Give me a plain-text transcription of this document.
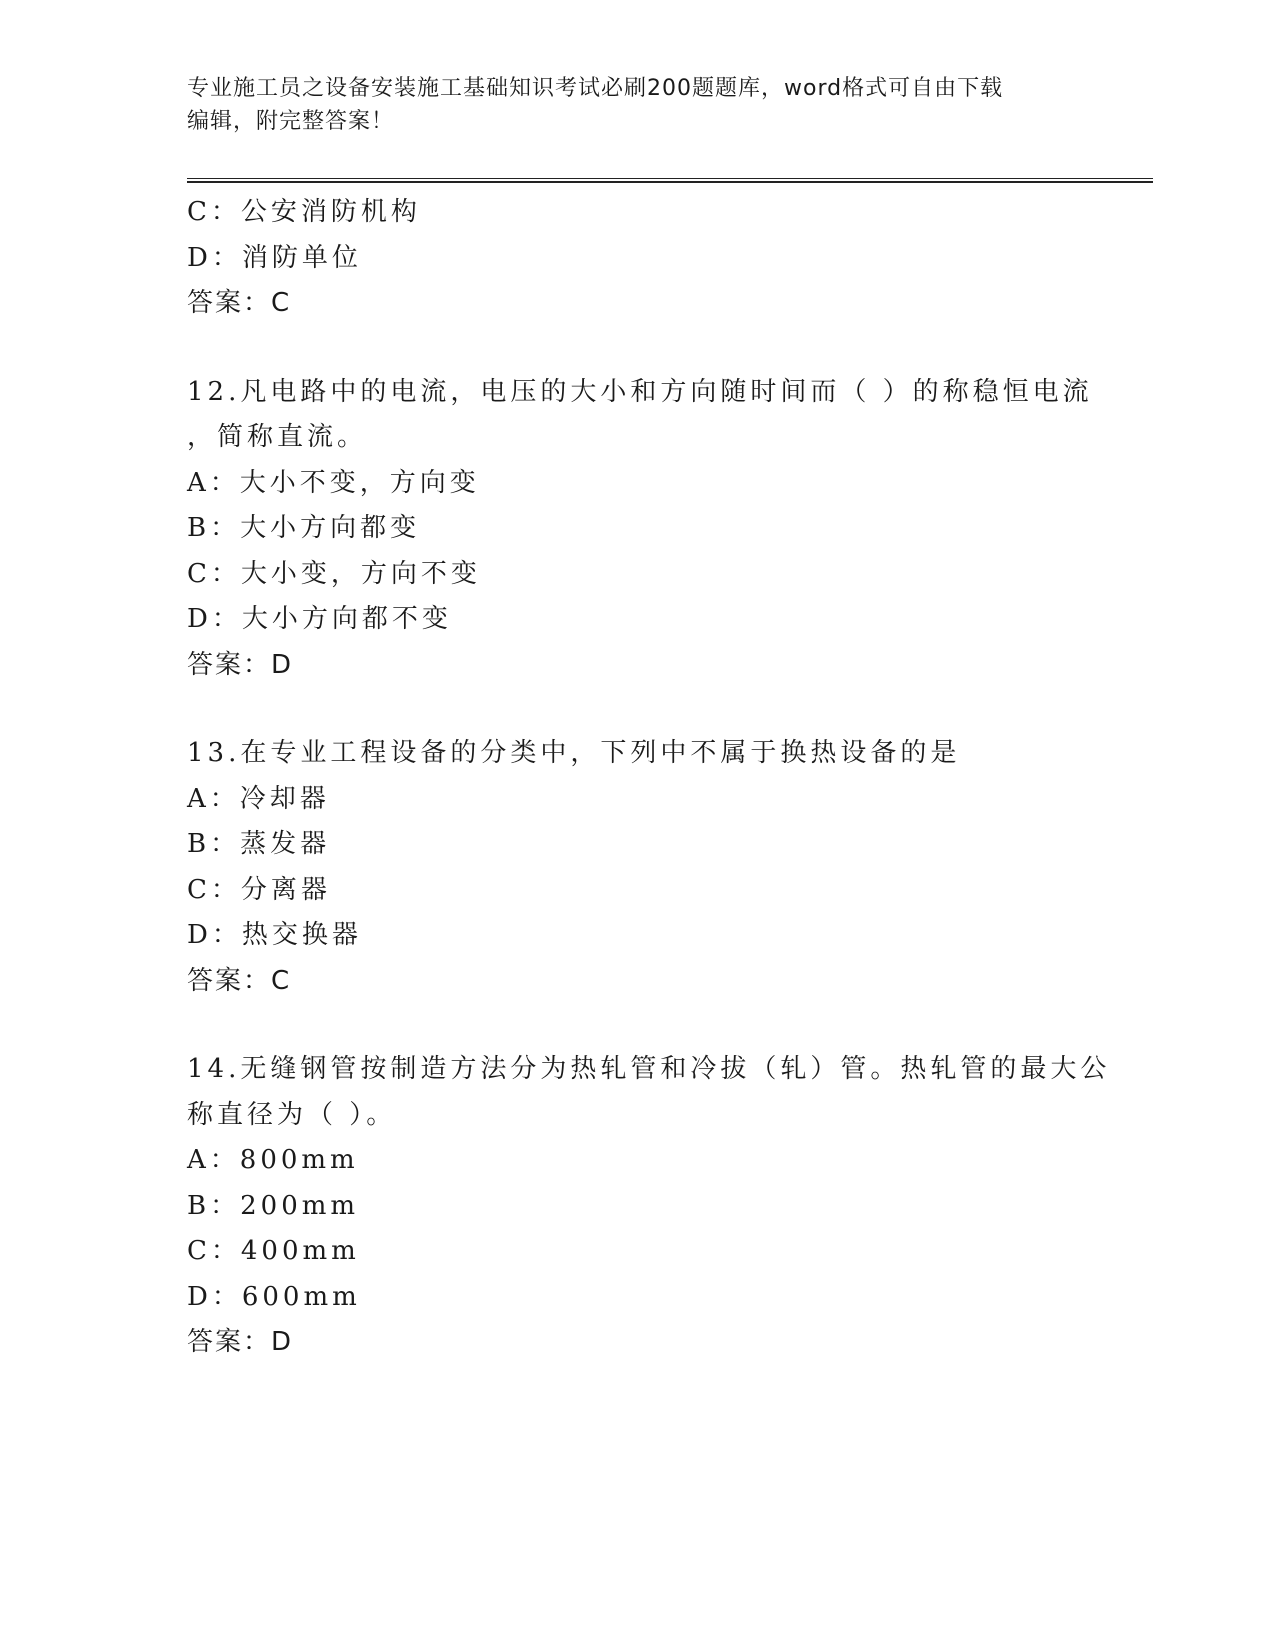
专业施工员之设备安装施工基础知识考试必刷200题题库，word格式可自由下载
编辑，附完整答案！
C：公安消防机构
D：消防单位
答案：C
12.凡电路中的电流，电压的大小和方向随时间而（ ）的称稳恒电流
，简称直流。
A：大小不变，方向变
B：大小方向都变
C：大小变，方向不变
D：大小方向都不变
答案：D
13.在专业工程设备的分类中，下列中不属于换热设备的是
A：冷却器
B：蒸发器
C：分离器
D：热交换器
答案：C
14.无缝钢管按制造方法分为热轧管和冷拔（轧）管。热轧管的最大公
称直径为（ ）。
A：800mm
B：200mm
C：400mm
D：600mm
答案：D
